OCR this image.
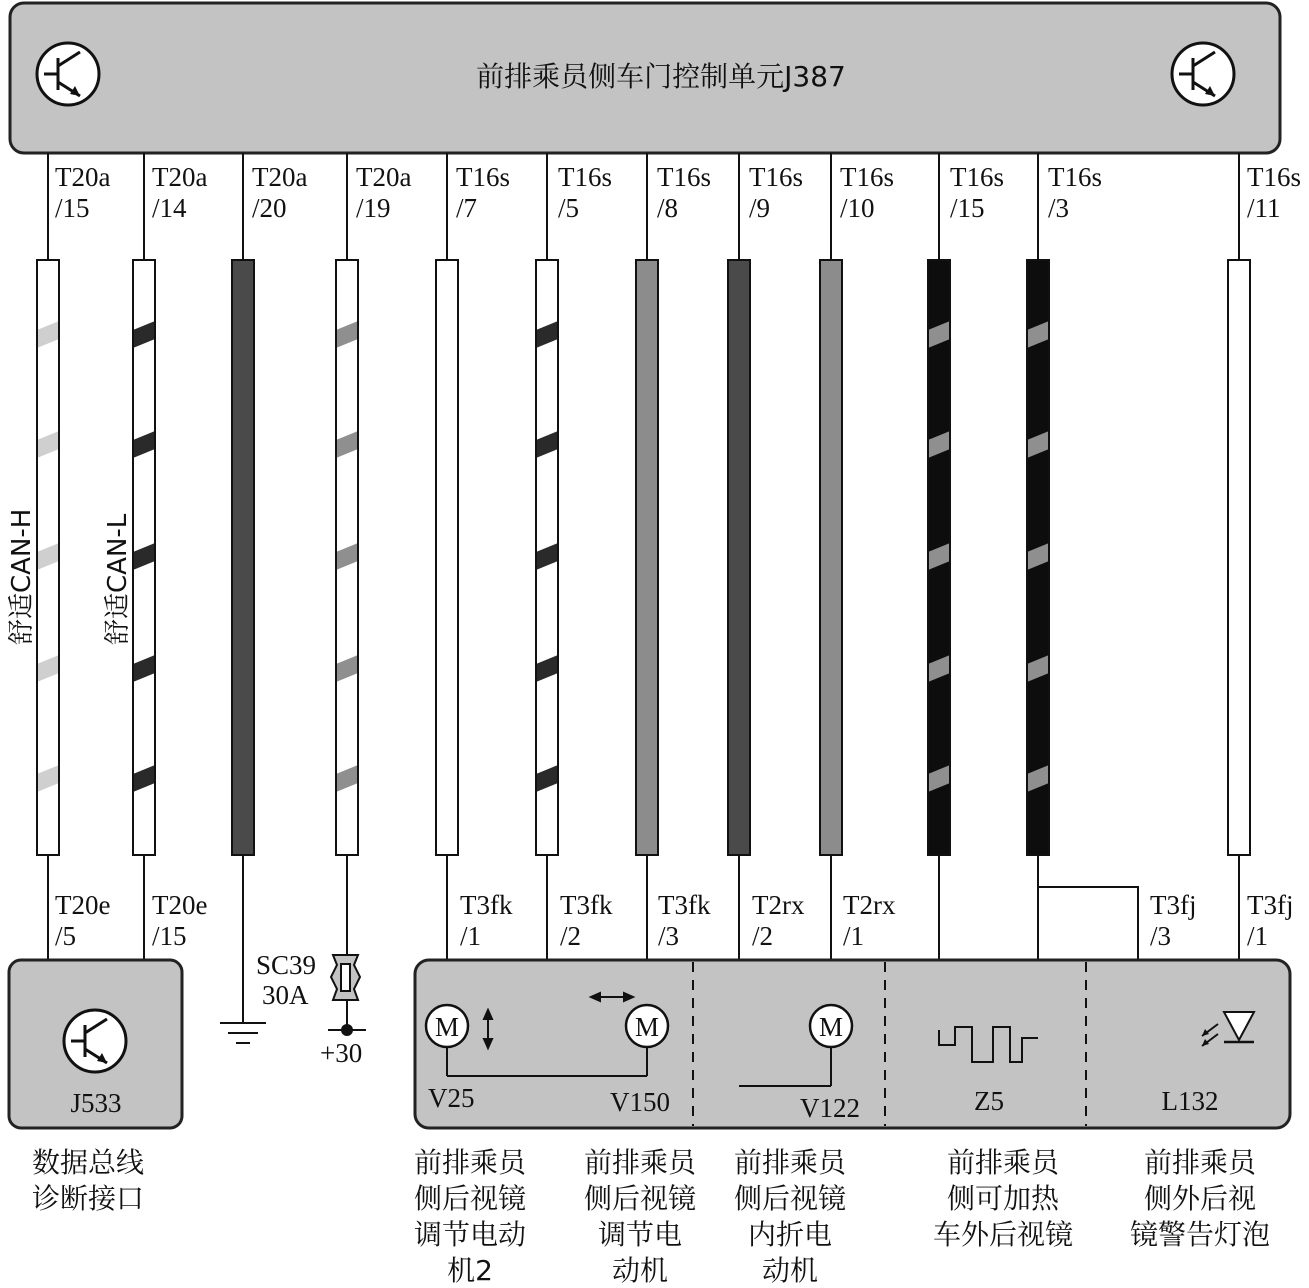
前排乘员侧车门控制单元J387
T20a
/15
T20a
/14
T20a
/20
T20a
/19
T16s
/7
T16s
/5
T16s
/8
T16s
/9
T16s
/10
T16s
/15
T16s
/3
T16s
/11
舒适CAN-H	舒适CAN-L
T20e
/5
T20e
/15
T3fk
/1
T3fk
/2
T3fk
/3
T2rx
/2
T2rx
/1
T3fj
/3
T3fj
/1
SC39
30A
+30
J533
数据总线
诊断接口
M
V25
M
V150
M
V122	Z5	L132
前排乘员
侧后视镜
调节电动
机2
前排乘员
侧后视镜
调节电
动机
前排乘员
侧后视镜
内折电
动机
前排乘员
侧可加热
车外后视镜
前排乘员
侧外后视
镜警告灯泡
